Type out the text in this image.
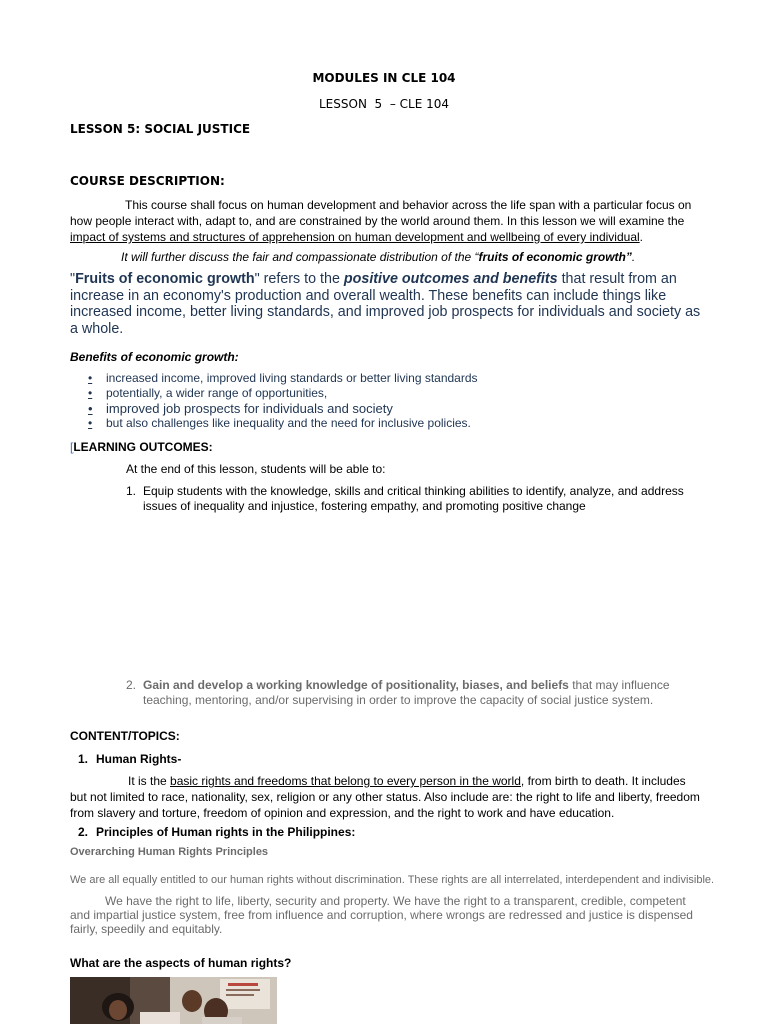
MODULES IN CLE 104
LESSON  5  – CLE 104
LESSON 5: SOCIAL JUSTICE
COURSE DESCRIPTION:
This course shall focus on human development and behavior across the life span with a particular focus on how people interact with, adapt to, and are constrained by the world around them. In this lesson we will examine the impact of systems and structures of apprehension on human development and wellbeing of every individual.
It will further discuss the fair and compassionate distribution of the “fruits of economic growth”.
"Fruits of economic growth" refers to the positive outcomes and benefits that result from an increase in an economy's production and overall wealth. These benefits can include things like increased income, better living standards, and improved job prospects for individuals and society as a whole.
Benefits of economic growth:
• increased income, improved living standards or better living standards
• potentially, a wider range of opportunities,
• improved job prospects for individuals and society
• but also challenges like inequality and the need for inclusive policies.
[LEARNING OUTCOMES:
At the end of this lesson, students will be able to:
1. Equip students with the knowledge, skills and critical thinking abilities to identify, analyze, and address issues of inequality and injustice, fostering empathy, and promoting positive change
2. Gain and develop a working knowledge of positionality, biases, and beliefs that may influence teaching, mentoring, and/or supervising in order to improve the capacity of social justice system.
CONTENT/TOPICS:
1. Human Rights-
It is the basic rights and freedoms that belong to every person in the world, from birth to death. It includes but not limited to race, nationality, sex, religion or any other status. Also include are: the right to life and liberty, freedom from slavery and torture, freedom of opinion and expression, and the right to work and have education.
2. Principles of Human rights in the Philippines:
Overarching Human Rights Principles
We are all equally entitled to our human rights without discrimination. These rights are all interrelated, interdependent and indivisible.
We have the right to life, liberty, security and property. We have the right to a transparent, credible, competent and impartial justice system, free from influence and corruption, where wrongs are redressed and justice is dispensed fairly, speedily and equitably.
What are the aspects of human rights?
